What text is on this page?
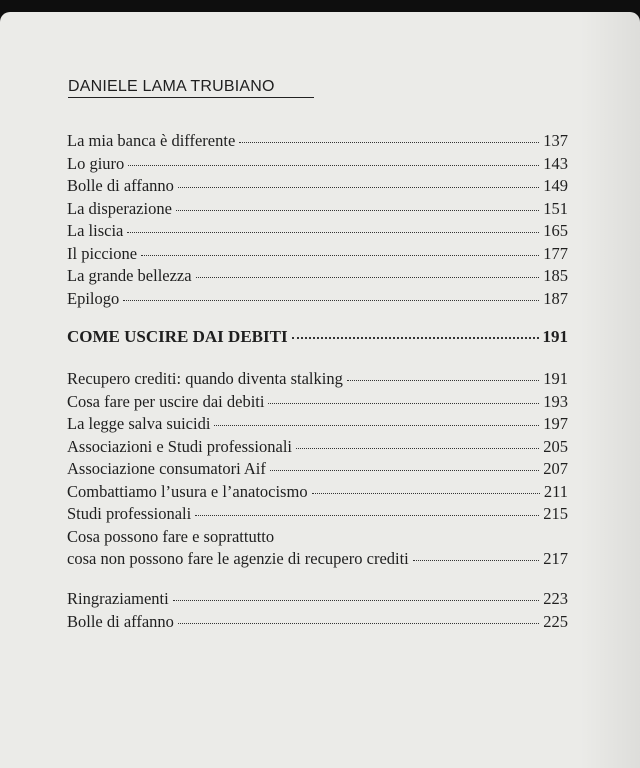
DANIELE LAMA TRUBIANO
La mia banca è differente	137
Lo giuro	143
Bolle di affanno	149
La disperazione	151
La liscia	165
Il piccione	177
La grande bellezza	185
Epilogo	187
COME USCIRE DAI DEBITI	191
Recupero crediti: quando diventa stalking	191
Cosa fare per uscire dai debiti	193
La legge salva suicidi	197
Associazioni e Studi professionali	205
Associazione consumatori Aif	207
Combattiamo l’usura e l’anatocismo	211
Studi professionali	215
Cosa possono fare e soprattutto
cosa non possono fare le agenzie di recupero crediti	217
Ringraziamenti	223
Bolle di affanno	225
